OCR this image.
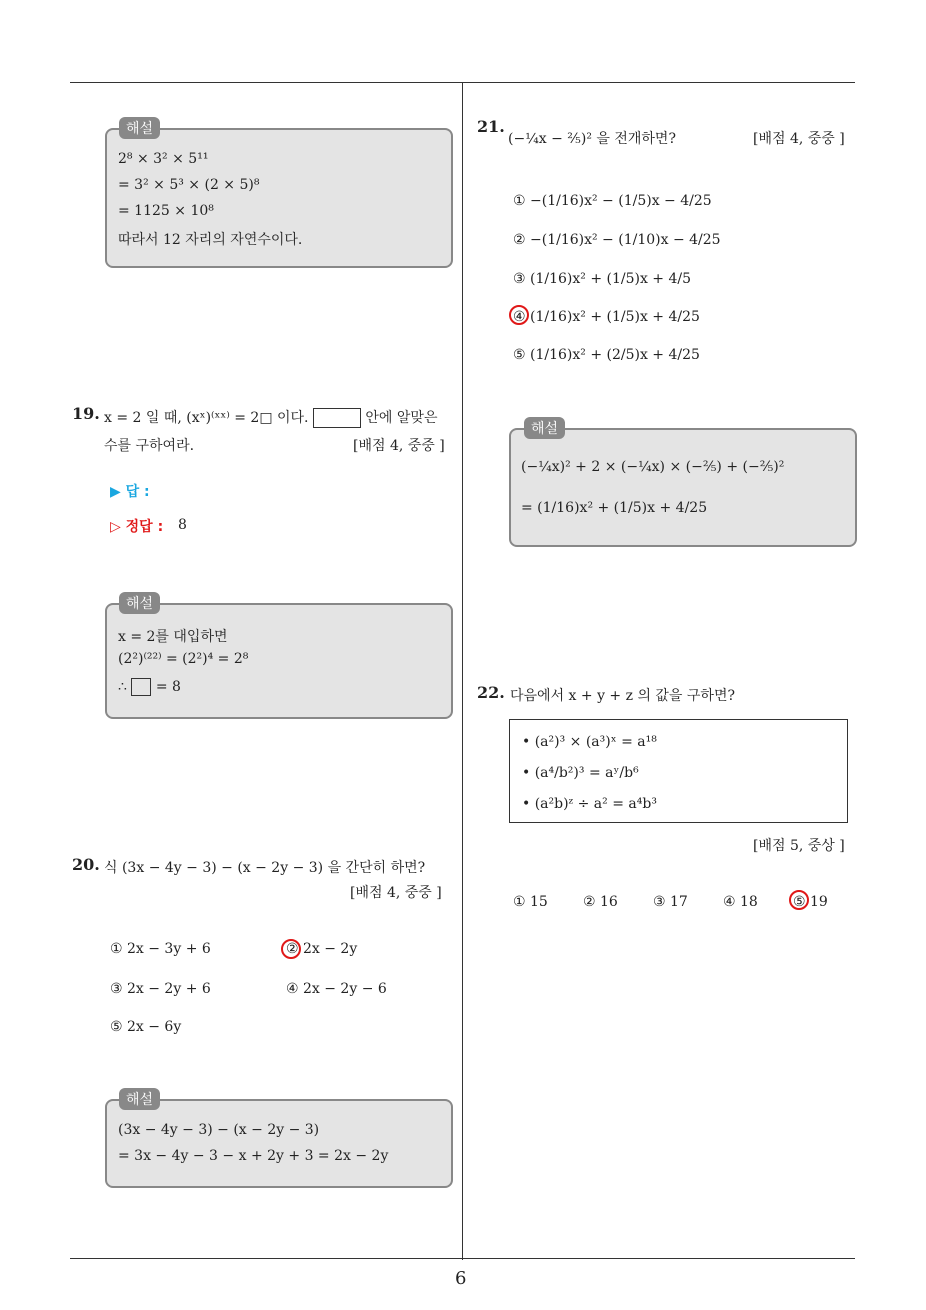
6
해설
2⁸ × 3² × 5¹¹
= 3² × 5³ × (2 × 5)⁸
= 1125 × 10⁸
따라서 12 자리의 자연수이다.
19. x = 2 일 때, (xˣ)⁽ˣˣ⁾ = 2□ 이다.	안에 알맞은
수를 구하여라.	[배점 4, 중중 ]
▶ 답 :
▷ 정답 : 8
해설
x = 2를 대입하면
(2²)⁽²²⁾ = (2²)⁴ = 2⁸
∴ = 8
20. 식 (3x − 4y − 3) − (x − 2y − 3) 을 간단히 하면?
[배점 4, 중중 ]
① 2x − 3y + 6	② 2x − 2y
③ 2x − 2y + 6	④ 2x − 2y − 6
⑤ 2x − 6y
해설
(3x − 4y − 3) − (x − 2y − 3)
= 3x − 4y − 3 − x + 2y + 3 = 2x − 2y
21.
(−¼x − ⅖)² 을 전개하면?	[배점 4, 중중 ]
① −(1/16)x² − (1/5)x − 4/25
② −(1/16)x² − (1/10)x − 4/25
③ (1/16)x² + (1/5)x + 4/5
④ (1/16)x² + (1/5)x + 4/25
⑤ (1/16)x² + (2/5)x + 4/25
해설
(−¼x)² + 2 × (−¼x) × (−⅖) + (−⅖)²
= (1/16)x² + (1/5)x + 4/25
22. 다음에서 x + y + z 의 값을 구하면?
• (a²)³ × (a³)ˣ = a¹⁸
• (a⁴/b²)³ = aʸ/b⁶
• (a²b)ᶻ ÷ a² = a⁴b³
[배점 5, 중상 ]
① 15	② 16	③ 17	④ 18	⑤ 19
